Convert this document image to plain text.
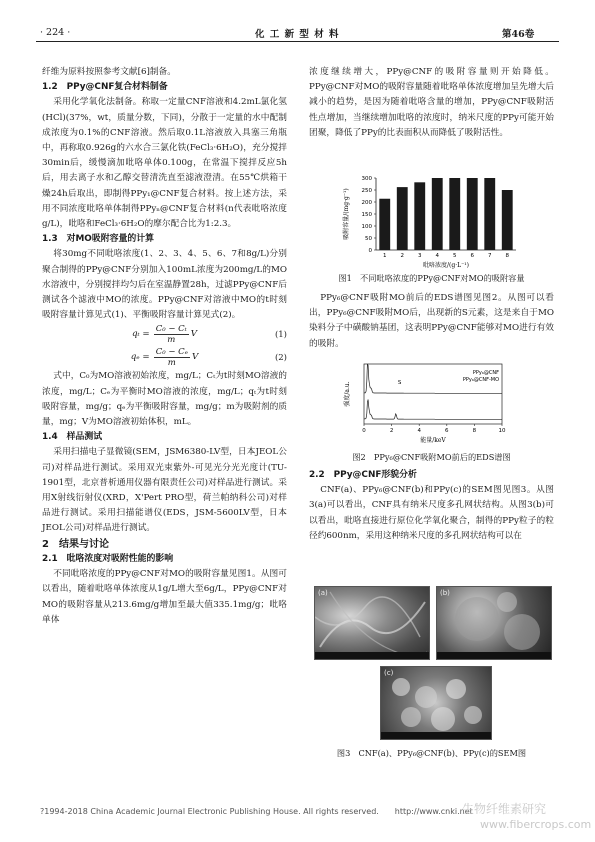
· 224 ·	化 工 新 型 材 料	第46卷

纤维为原料按照参考文献[6]制备。

1.2　PPy@CNF复合材料制备

采用化学氧化法制备。称取一定量CNF溶液和4.2mL氯化氢(HCl)(37%，wt，质量分数，下同)，分散于一定量的水中配制成浓度为0.1%的CNF溶液。然后取0.1L溶液放入具塞三角瓶中，再称取0.926g的六水合三氯化铁(FeCl₃·6H₂O)，充分搅拌30min后，缓慢滴加吡咯单体0.100g，在常温下搅拌反应5h后，用去离子水和乙醇交替清洗直至滤液澄清。在55℃烘箱干燥24h后取出，即制得PPy₁@CNF复合材料。按上述方法，采用不同浓度吡咯单体制得PPyₙ@CNF复合材料(n代表吡咯浓度g/L)，吡咯和FeCl₃·6H₂O的摩尔配合比为1:2.3。

1.3　对MO吸附容量的计算

将30mg不同吡咯浓度(1、2、3、4、5、6、7和8g/L)分别聚合制得的PPy@CNF分别加入100mL浓度为200mg/L的MO水溶液中，分别搅拌均匀后在室温静置28h，过滤PPy@CNF后测试各个滤液中MO的浓度。PPy@CNF对溶液中MO的t时刻吸附容量计算见式(1)、平衡吸附容量计算见式(2)。

$q_t = \frac{\text{C₀ − Cₜ}}{m}$ V	(1)
$q_e = \frac{\text{C₀ − Cₑ}}{m}$ V	(2)

式中，C₀为MO溶液初始浓度，mg/L；Cₜ为t时刻MO溶液的浓度，mg/L；Cₑ为平衡时MO溶液的浓度，mg/L；qₜ为t时刻吸附容量，mg/g；qₑ为平衡吸附容量，mg/g；m为吸附剂的质量，mg；V为MO溶液初始体积，mL。

1.4　样品测试

采用扫描电子显微镜(SEM，JSM6380-LV型，日本JEOL公司)对样品进行测试。采用双光束紫外-可见光分光光度计(TU-1901型，北京普析通用仪器有限责任公司)对样品进行测试。采用X射线衍射仪(XRD，X'Pert PRO型，荷兰帕纳科公司)对样品进行测试。采用扫描能谱仪(EDS，JSM-5600LV型，日本JEOL公司)对样品进行测试。

2　结果与讨论

2.1　吡咯浓度对吸附性能的影响

不同吡咯浓度的PPy@CNF对MO的吸附容量见图1。从图可以看出，随着吡咯单体浓度从1g/L增大至6g/L，PPy@CNF对MO的吸附容量从213.6mg/g增加至最大值335.1mg/g；吡咯单体

浓度继续增大，PPy@CNF的吸附容量则开始降低。PPy@CNF对MO的吸附容量随着吡咯单体浓度增加呈先增大后减小的趋势，是因为随着吡咯含量的增加，PPy@CNF吸附活性点增加，当继续增加吡咯的浓度时，纳米尺度的PPy可能开始团聚，降低了PPy的比表面积从而降低了吸附活性。

0
50
100
150
200
250
300
1	2	3	4	5	6	7	8
吡咯浓度/(g·L⁻¹)
吸附容量/(mg·g⁻¹)
图1　不同吡咯浓度的PPy@CNF对MO的吸附容量

PPy₆@CNF吸附MO前后的EDS谱图见图2。从图可以看出，PPy₆@CNF吸附MO后，出现新的S元素，这是来自于MO染料分子中磺酸钠基团，这表明PPy@CNF能够对MO进行有效的吸附。

0	2	4	6	8	10
S
PPy₆@CNF
PPy₆@CNF-MO
能量/keV
强度/a.u.
图2　PPy₆@CNF吸附MO前后的EDS谱图

2.2　PPy@CNF形貌分析

CNF(a)、PPy₆@CNF(b)和PPy(c)的SEM图见图3。从图3(a)可以看出，CNF具有纳米尺度多孔网状结构。从图3(b)可以看出，吡咯直接进行原位化学氧化聚合，制得的PPy粒子的粒径约600nm，采用这种纳米尺度的多孔网状结构可以在

(a)	(b)
(c)
图3　CNF(a)、PPy₆@CNF(b)、PPy(c)的SEM图
?1994-2018 China Academic Journal Electronic Publishing House. All rights reserved.　　http://www.cnki.net
生物纤维素研究
www.fibercrops.com
